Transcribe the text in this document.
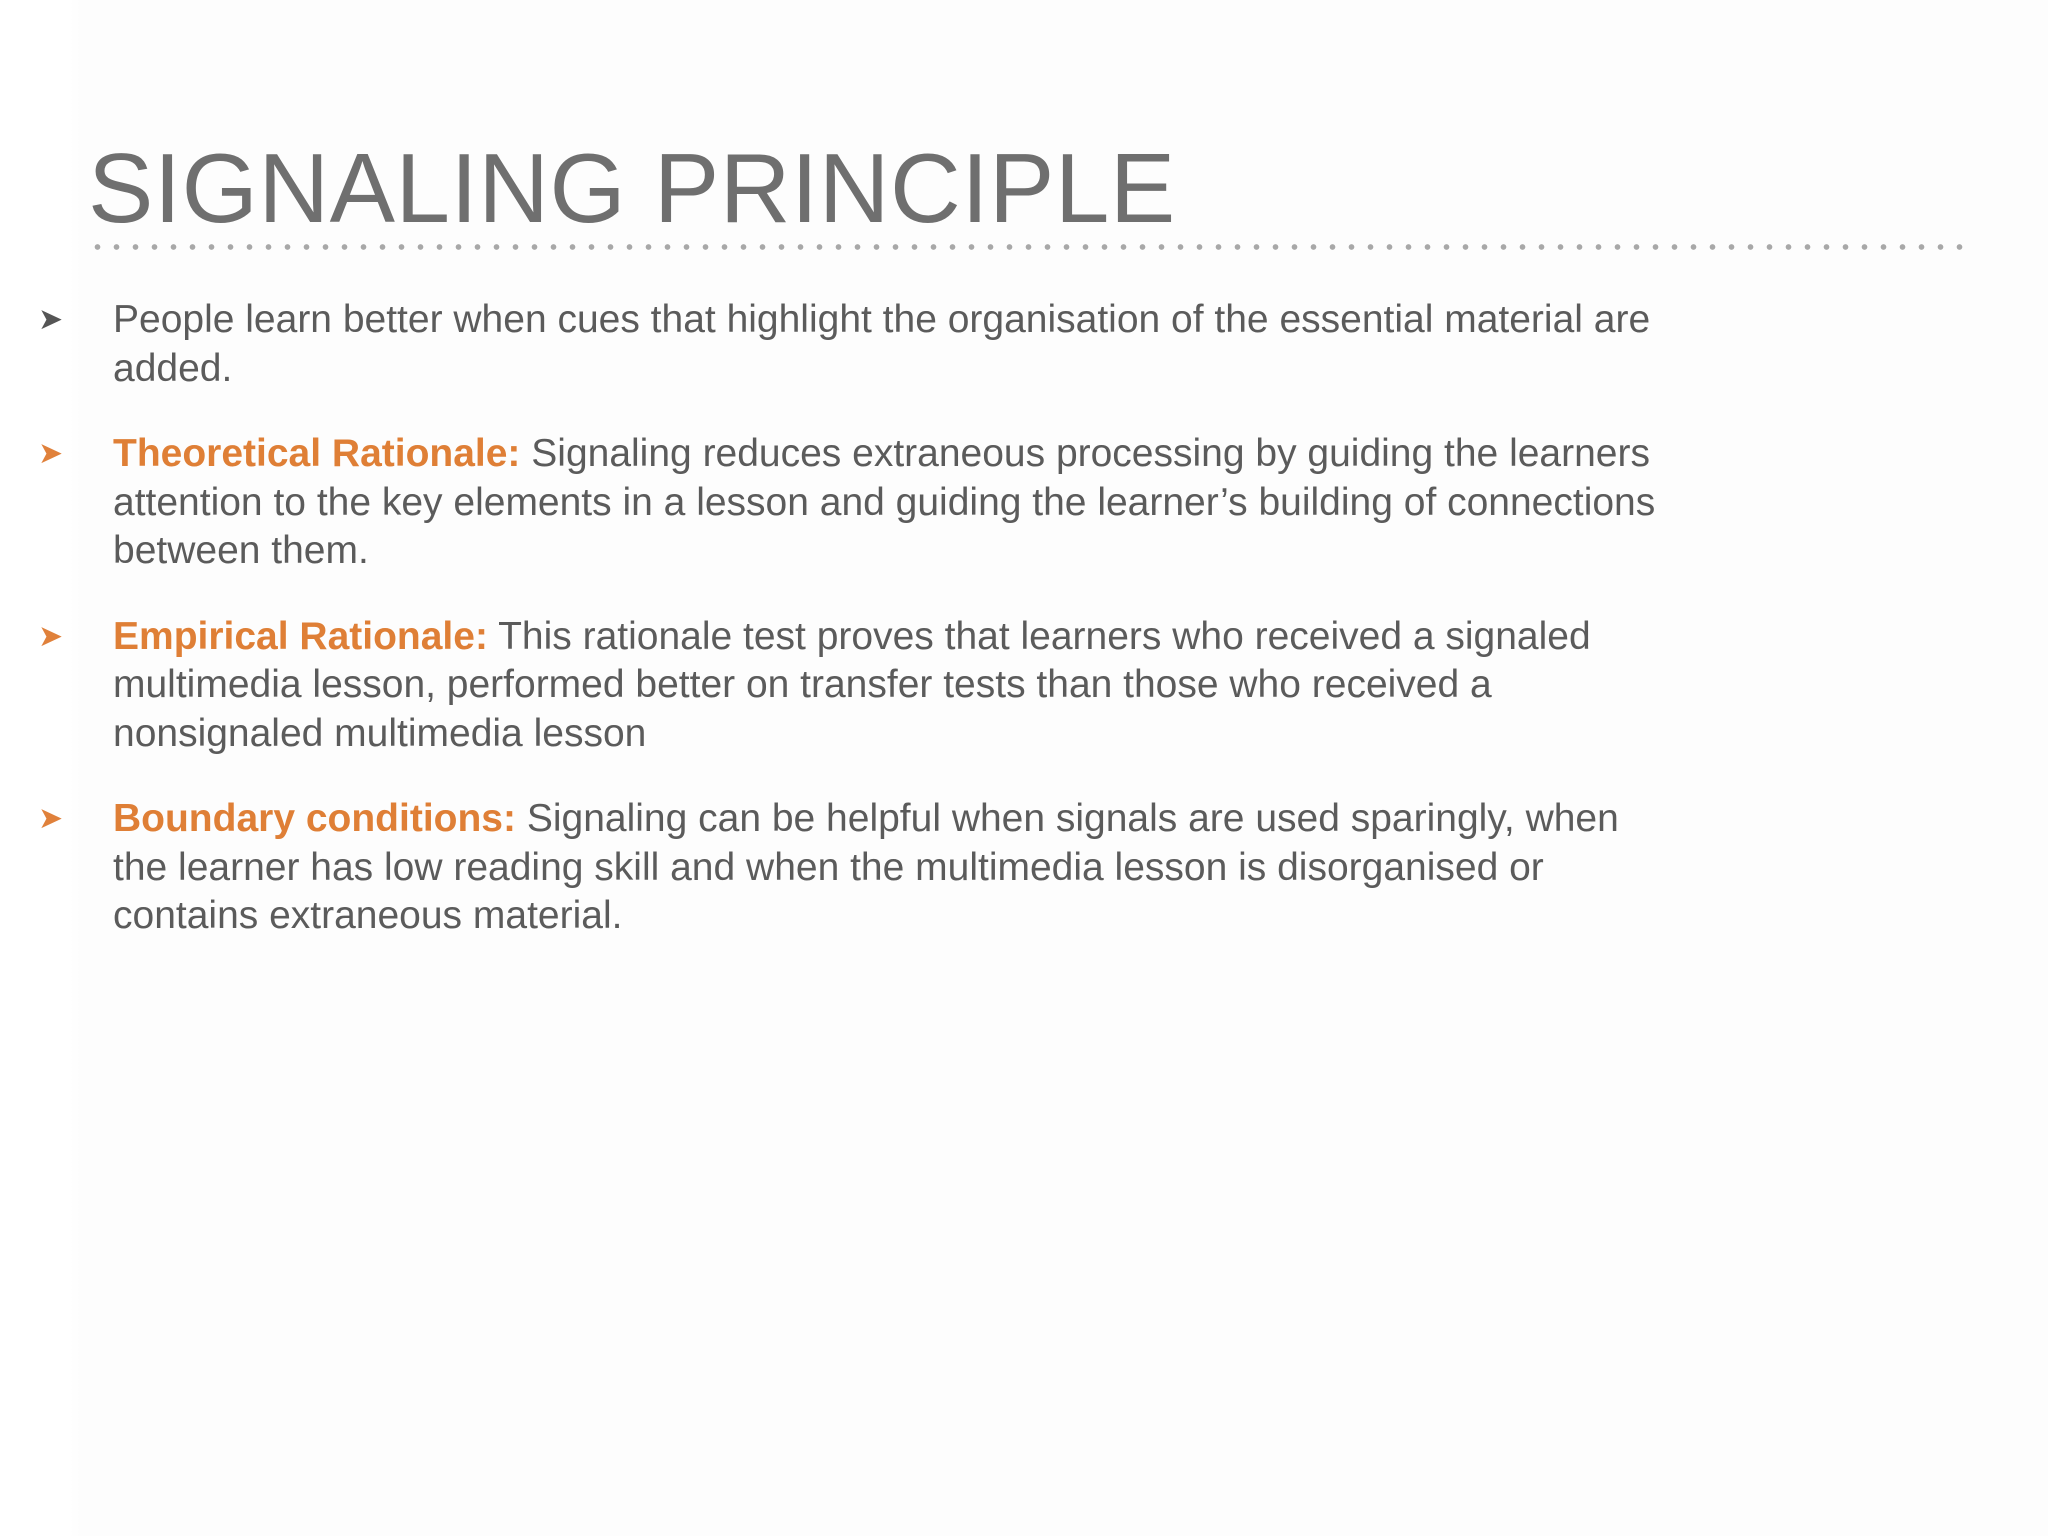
SIGNALING PRINCIPLE
➤ People learn better when cues that highlight the organisation of the essential material are added.
➤ Theoretical Rationale: Signaling reduces extraneous processing by guiding the learners attention to the key elements in a lesson and guiding the learner’s building of connections between them.
➤ Empirical Rationale: This rationale test proves that learners who received a signaled multimedia lesson, performed better on transfer tests than those who received a nonsignaled multimedia lesson
➤ Boundary conditions: Signaling can be helpful when signals are used sparingly, when the learner has low reading skill and when the multimedia lesson is disorganised or contains extraneous material.
